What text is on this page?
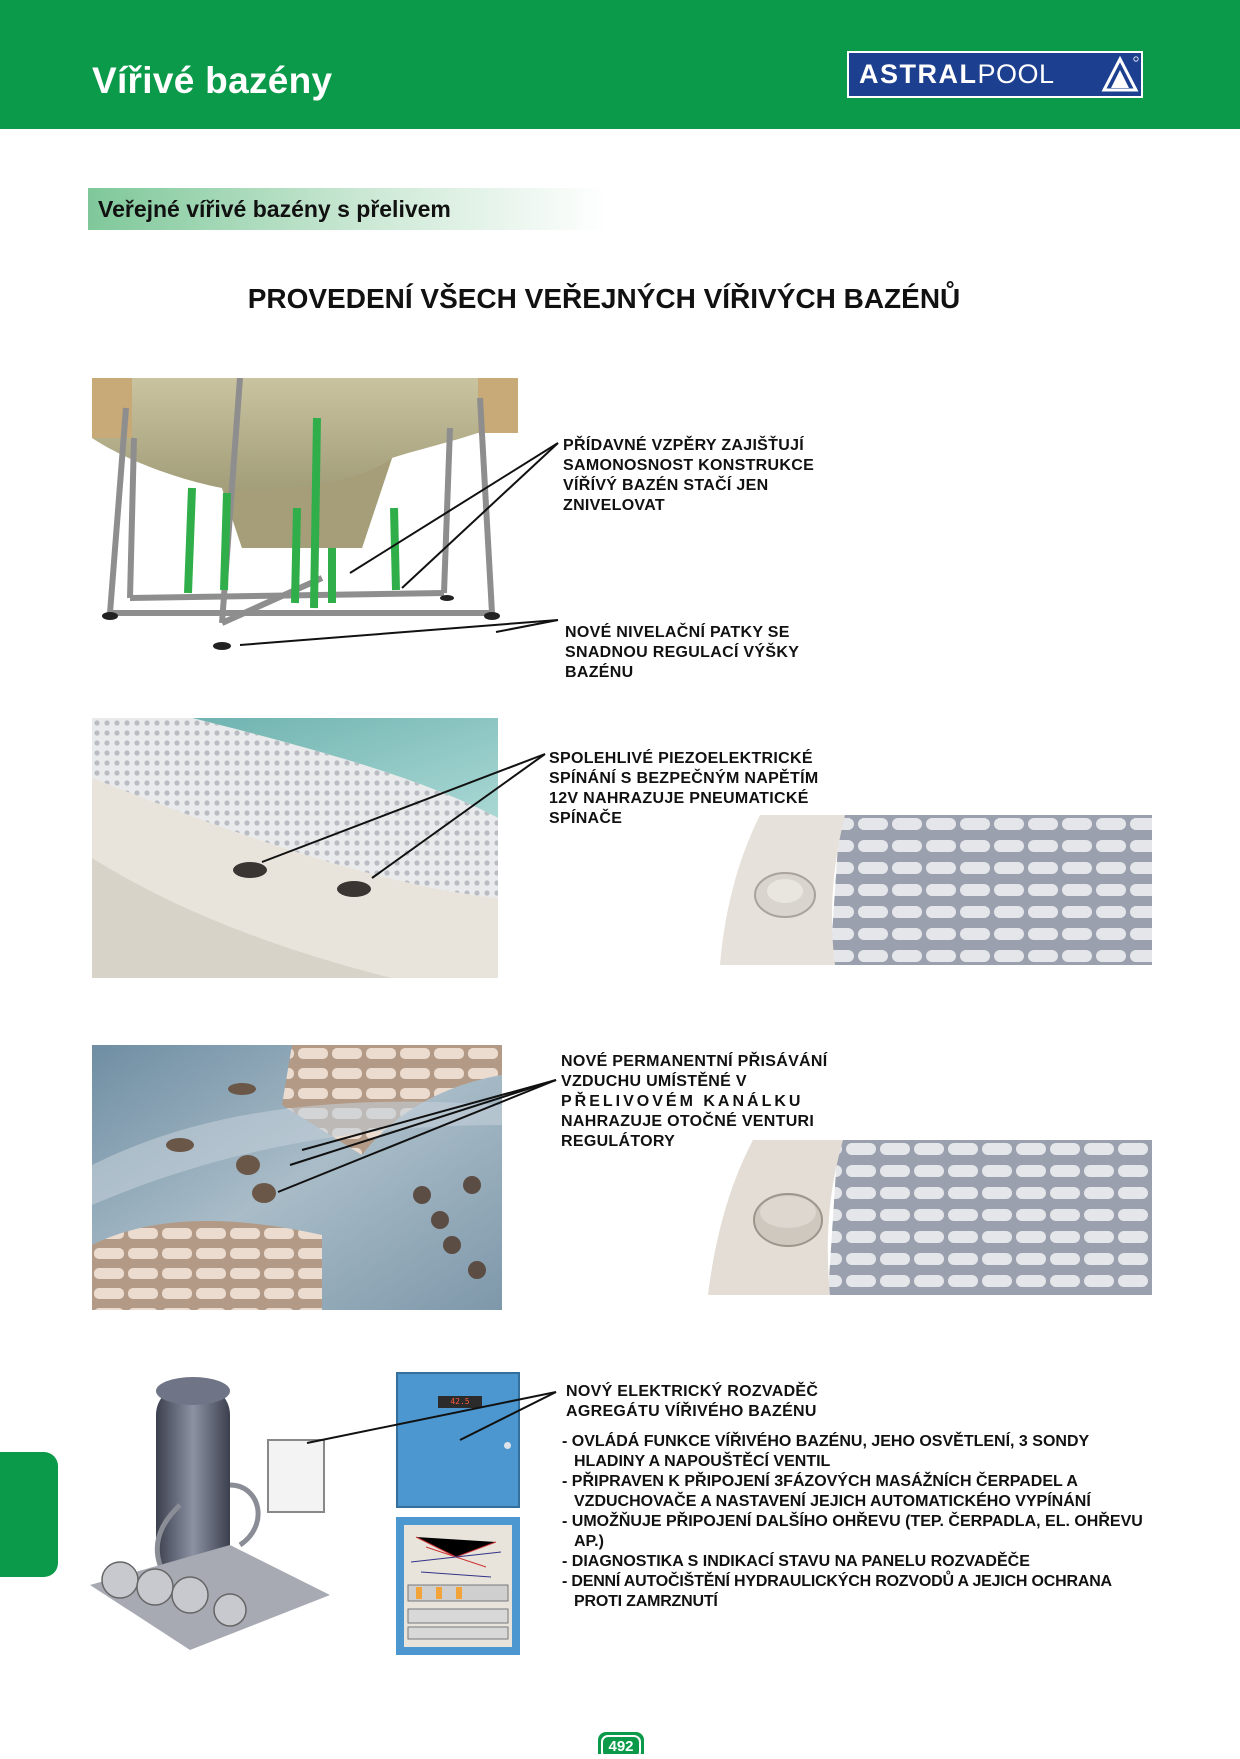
Vířivé bazény	ASTRAL POOL
Veřejné vířivé bazény s přelivem
PROVEDENÍ VŠECH VEŘEJNÝCH VÍŘIVÝCH BAZÉNŮ
PŘÍDAVNÉ VZPĚRY ZAJIŠŤUJÍ
SAMONOSNOST KONSTRUKCE
VÍŘÍVÝ BAZÉN STAČÍ JEN
ZNIVELOVAT
NOVÉ NIVELAČNÍ PATKY SE
SNADNOU REGULACÍ VÝŠKY
BAZÉNU
SPOLEHLIVÉ PIEZOELEKTRICKÉ
SPÍNÁNÍ S BEZPEČNÝM NAPĚTÍM
12V NAHRAZUJE PNEUMATICKÉ
SPÍNAČE
NOVÉ PERMANENTNÍ PŘISÁVÁNÍ
VZDUCHU UMÍSTĚNÉ V
PŘELIVOVÉM KANÁLKU
NAHRAZUJE OTOČNÉ VENTURI
REGULÁTORY
42.5
NOVÝ ELEKTRICKÝ ROZVADĚČ
AGREGÁTU VÍŘIVÉHO BAZÉNU
- OVLÁDÁ FUNKCE VÍŘIVÉHO BAZÉNU, JEHO OSVĚTLENÍ, 3 SONDY HLADINY A NAPOUŠTĚCÍ VENTIL
- PŘIPRAVEN K PŘIPOJENÍ 3FÁZOVÝCH MASÁŽNÍCH ČERPADEL A VZDUCHOVAČE A NASTAVENÍ JEJICH AUTOMATICKÉHO VYPÍNÁNÍ
- UMOŽŇUJE PŘIPOJENÍ DALŠÍHO OHŘEVU (TEP. ČERPADLA, EL. OHŘEVU AP.)
- DIAGNOSTIKA S INDIKACÍ STAVU NA PANELU ROZVADĚČE
- DENNÍ AUTOČIŠTĚNÍ HYDRAULICKÝCH ROZVODŮ A JEJICH OCHRANA PROTI ZAMRZNUTÍ
492
